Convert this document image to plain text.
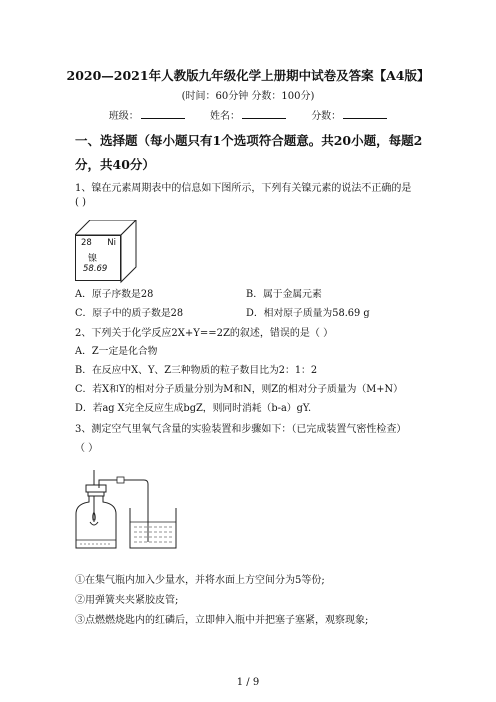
2020—2021年人教版九年级化学上册期中试卷及答案【A4版】
(时间：60分钟 分数：100分)
班级：	姓名：	分数：
一、选择题（每小题只有1个选项符合题意。共20小题，每题2
分，共40分）
1、镍在元素周期表中的信息如下图所示，下列有关镍元素的说法不正确的是
( )
28 Ni
镍
58.69
A．原子序数是28	B．属于金属元素
C．原子中的质子数是28	D．相对原子质量为58.69 g
2、下列关于化学反应2X+Y==2Z的叙述，错误的是（ ）
A．Z一定是化合物
B．在反应中X、Y、Z三种物质的粒子数目比为2：1：2
C．若X和Y的相对分子质量分别为M和N，则Z的相对分子质量为（M+N）
D．若ag X完全反应生成bgZ，则同时消耗（b-a）gY.
3、测定空气里氧气含量的实验装置和步骤如下：（已完成装置气密性检查）
（ ）
①在集气瓶内加入少量水，并将水面上方空间分为5等份;
②用弹簧夹夹紧胶皮管;
③点燃燃烧匙内的红磷后，立即伸入瓶中并把塞子塞紧，观察现象;
1 / 9
